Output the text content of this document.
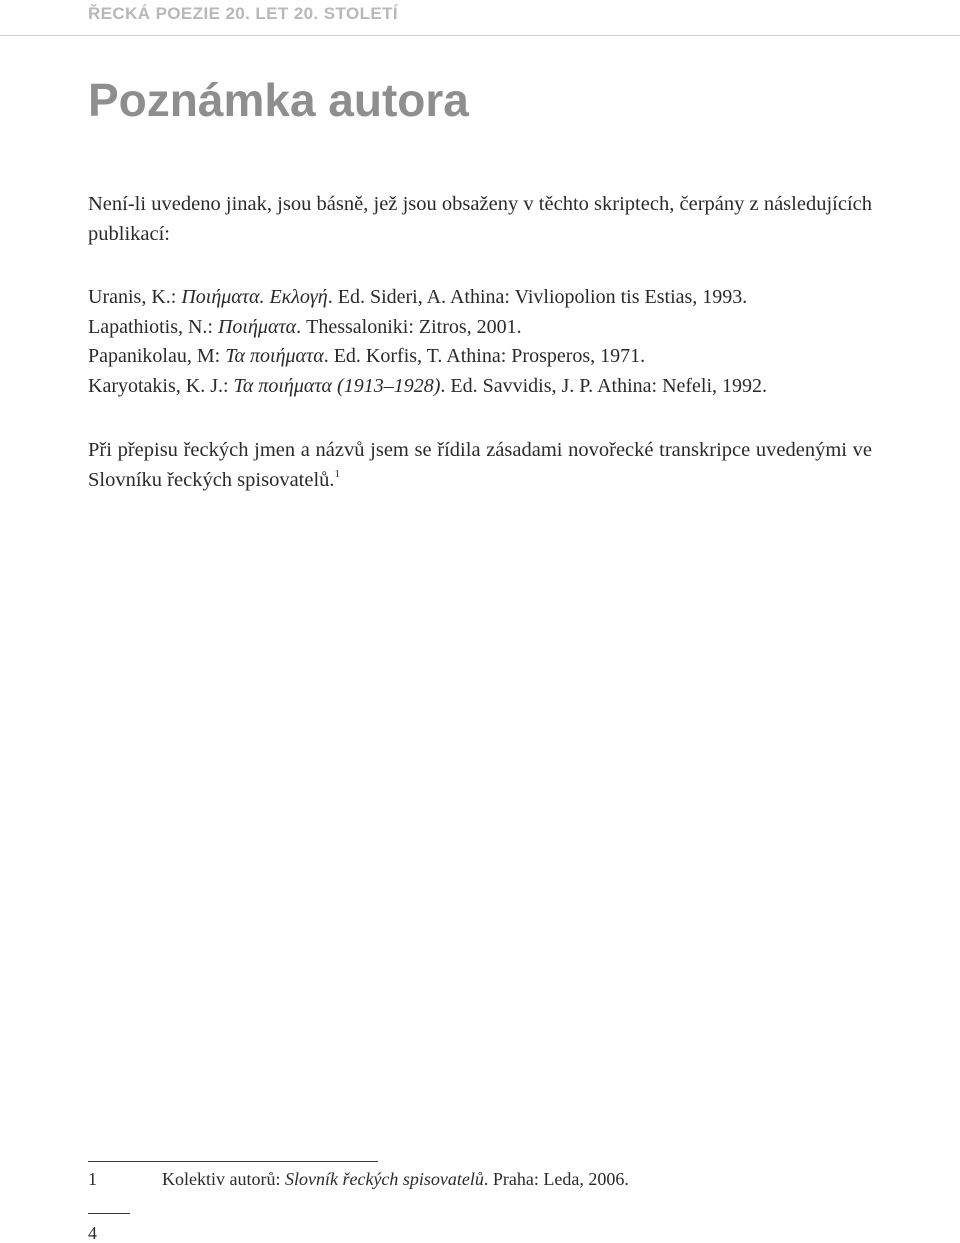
ŘECKÁ POEZIE 20. LET 20. STOLETÍ
Poznámka autora

Není-li uvedeno jinak, jsou básně, jež jsou obsaženy v těchto skriptech, čerpány z následujících publikací:

Uranis, K.: Ποιήματα. Εκλογή. Ed. Sideri, A. Athina: Vivliopolion tis Estias, 1993.
Lapathiotis, N.: Ποιήματα. Thessaloniki: Zitros, 2001.
Papanikolau, M: Τα ποιήματα. Ed. Korfis, T. Athina: Prosperos, 1971.
Karyotakis, K. J.: Τα ποιήματα (1913–1928). Ed. Savvidis, J. P. Athina: Nefeli, 1992.

Při přepisu řeckých jmen a názvů jsem se řídila zásadami novořecké transkripce uvedenými ve Slovníku řeckých spisovatelů.$^1$

1	Kolektiv autorů: Slovník řeckých spisovatelů. Praha: Leda, 2006.
4
